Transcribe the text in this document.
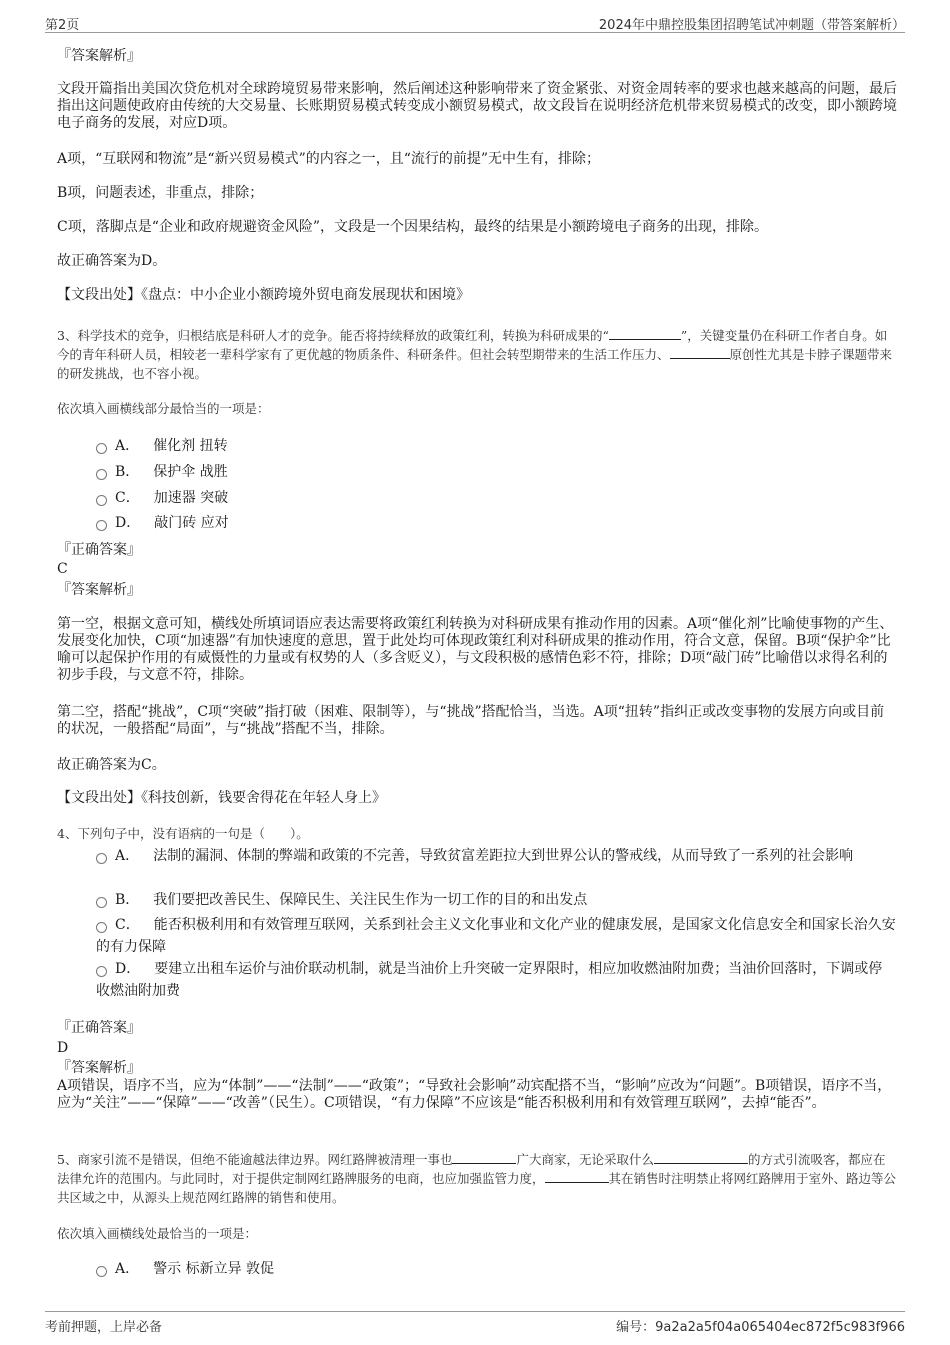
第2页	2024年中鼎控股集团招聘笔试冲刺题（带答案解析）
『答案解析』
文段开篇指出美国次贷危机对全球跨境贸易带来影响，然后阐述这种影响带来了资金紧张、对资金周转率的要求也越来越高的问题，最后指出这问题使政府由传统的大交易量、长账期贸易模式转变成小额贸易模式，故文段旨在说明经济危机带来贸易模式的改变，即小额跨境电子商务的发展，对应D项。
A项，“互联网和物流”是“新兴贸易模式”的内容之一，且“流行的前提”无中生有，排除；
B项，问题表述，非重点，排除；
C项，落脚点是“企业和政府规避资金风险”，文段是一个因果结构，最终的结果是小额跨境电子商务的出现，排除。
故正确答案为D。
【文段出处】《盘点：中小企业小额跨境外贸电商发展现状和困境》
3、科学技术的竞争，归根结底是科研人才的竞争。能否将持续释放的政策红利，转换为科研成果的“	”，关键变量仍在科研工作者自身。如今的青年科研人员，相较老一辈科学家有了更优越的物质条件、科研条件。但社会转型期带来的生活工作压力、	原创性尤其是卡脖子课题带来的研发挑战，也不容小视。
依次填入画横线部分最恰当的一项是：
A． 催化剂 扭转
B． 保护伞 战胜
C． 加速器 突破
D． 敲门砖 应对
『正确答案』
C
『答案解析』
第一空，根据文意可知，横线处所填词语应表达需要将政策红利转换为对科研成果有推动作用的因素。A项“催化剂”比喻使事物的产生、发展变化加快，C项“加速器”有加快速度的意思，置于此处均可体现政策红利对科研成果的推动作用，符合文意，保留。B项“保护伞”比喻可以起保护作用的有威慑性的力量或有权势的人（多含贬义），与文段积极的感情色彩不符，排除；D项“敲门砖”比喻借以求得名利的初步手段，与文意不符，排除。
第二空，搭配“挑战”，C项“突破”指打破（困难、限制等），与“挑战”搭配恰当，当选。A项“扭转”指纠正或改变事物的发展方向或目前的状况，一般搭配“局面”，与“挑战”搭配不当，排除。
故正确答案为C。
【文段出处】《科技创新，钱要舍得花在年轻人身上》
4、下列句子中，没有语病的一句是（　　）。
A． 法制的漏洞、体制的弊端和政策的不完善，导致贫富差距拉大到世界公认的警戒线，从而导致了一系列的社会影响
B． 我们要把改善民生、保障民生、关注民生作为一切工作的目的和出发点
C． 能否积极利用和有效管理互联网，关系到社会主义文化事业和文化产业的健康发展，是国家文化信息安全和国家长治久安的有力保障
D． 要建立出租车运价与油价联动机制，就是当油价上升突破一定界限时，相应加收燃油附加费；当油价回落时，下调或停收燃油附加费
『正确答案』
D
『答案解析』
A项错误，语序不当，应为“体制”——“法制”——“政策”；“导致社会影响”动宾配搭不当，“影响”应改为“问题”。B项错误，语序不当，应为“关注”——“保障”——“改善”（民生）。C项错误，“有力保障”不应该是“能否积极利用和有效管理互联网”，去掉“能否”。
5、商家引流不是错误，但绝不能逾越法律边界。网红路牌被清理一事也	广大商家，无论采取什么	的方式引流吸客，都应在法律允许的范围内。与此同时，对于提供定制网红路牌服务的电商，也应加强监管力度，	其在销售时注明禁止将网红路牌用于室外、路边等公共区域之中，从源头上规范网红路牌的销售和使用。
依次填入画横线处最恰当的一项是：
A． 警示 标新立异 敦促
考前押题，上岸必备	编号：9a2a2a5f04a065404ec872f5c983f966
